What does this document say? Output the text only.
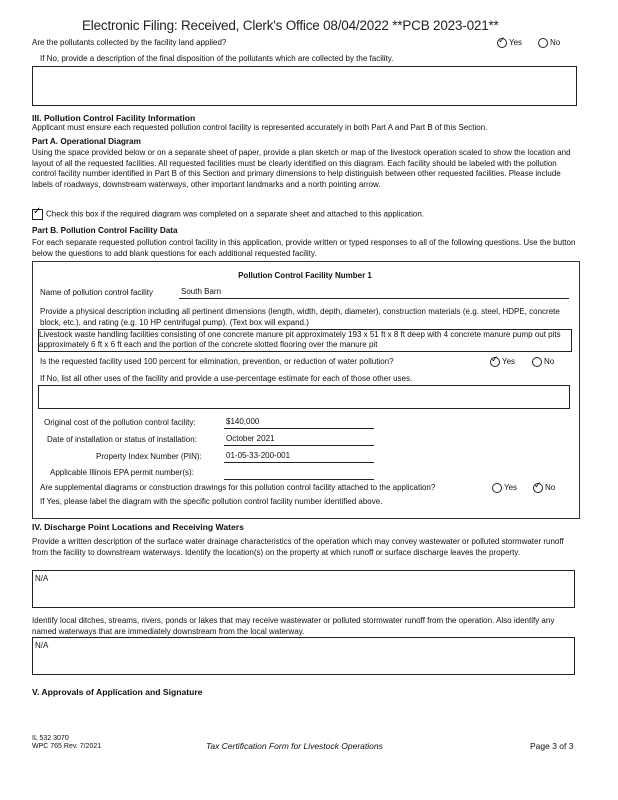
Electronic Filing: Received, Clerk's Office 08/04/2022 **PCB 2023-021**
Are the pollutants collected by the facility land applied? ✓	Yes	No
If No, provide a description of the final disposition of the pollutants which are collected by the facility.
III. Pollution Control Facility Information
Applicant must ensure each requested pollution control facility is represented accurately in both Part A and Part B of this Section.
Part A. Operational Diagram
Using the space provided below or on a separate sheet of paper, provide a plan sketch or map of the livestock operation scaled to show the location and layout of all the requested facilities. All requested facilities must be clearly identified on this diagram. Each facility should be labeled with the pollution control facility number identified in Part B of this Section and primary dimensions to help distinguish between other requested facilities. Please include labels of roadways, downstream waterways, other important landmarks and a north pointing arrow.
✓Check this box if the required diagram was completed on a separate sheet and attached to this application.
Part B. Pollution Control Facility Data
For each separate requested pollution control facility in this application, provide written or typed responses to all of the following questions. Use the button below the questions to add blank questions for each additional requested facility.
Pollution Control Facility Number 1
Name of pollution control facility	South Barn
Provide a physical description including all pertinent dimensions (length, width, depth, diameter), construction materials (e.g. steel, HDPE, concrete block, etc.), and rating (e.g. 10 HP centrifugal pump). (Text box will expand.)
Livestock waste handling facilities consisting of one concrete manure pit approximately 193 x 51 ft x 8 ft deep with 4 concrete manure pump out pits approximately 6 ft x 6 ft each and the portion of the concrete slotted flooring over the manure pit
Is the requested facility used 100 percent for elimination, prevention, or reduction of water pollution? ✓	Yes	No
If No, list all other uses of the facility and provide a use-percentage estimate for each of those other uses.
Original cost of the pollution control facility:	$140,000
Date of installation or status of installation:	October 2021
Property Index Number (PIN):	01-05-33-200-001
Applicable Illinois EPA permit number(s):
Are supplemental diagrams or construction drawings for this pollution control facility attached to the application?	Yes ✓	No
If Yes, please label the diagram with the specific pollution control facility number identified above.
IV. Discharge Point Locations and Receiving Waters
Provide a written description of the surface water drainage characteristics of the operation which may convey wastewater or polluted stormwater runoff from the facility to downstream waterways. Identify the location(s) on the property at which runoff or surface discharge leaves the property.
N/A
Identify local ditches, streams, rivers, ponds or lakes that may receive wastewater or polluted stormwater runoff from the operation. Also identify any named waterways that are immediately downstream from the local waterway.
N/A
V. Approvals of Application and Signature
IL 532 3070
WPC 765 Rev. 7/2021	Tax Certification Form for Livestock Operations	Page 3 of 3
